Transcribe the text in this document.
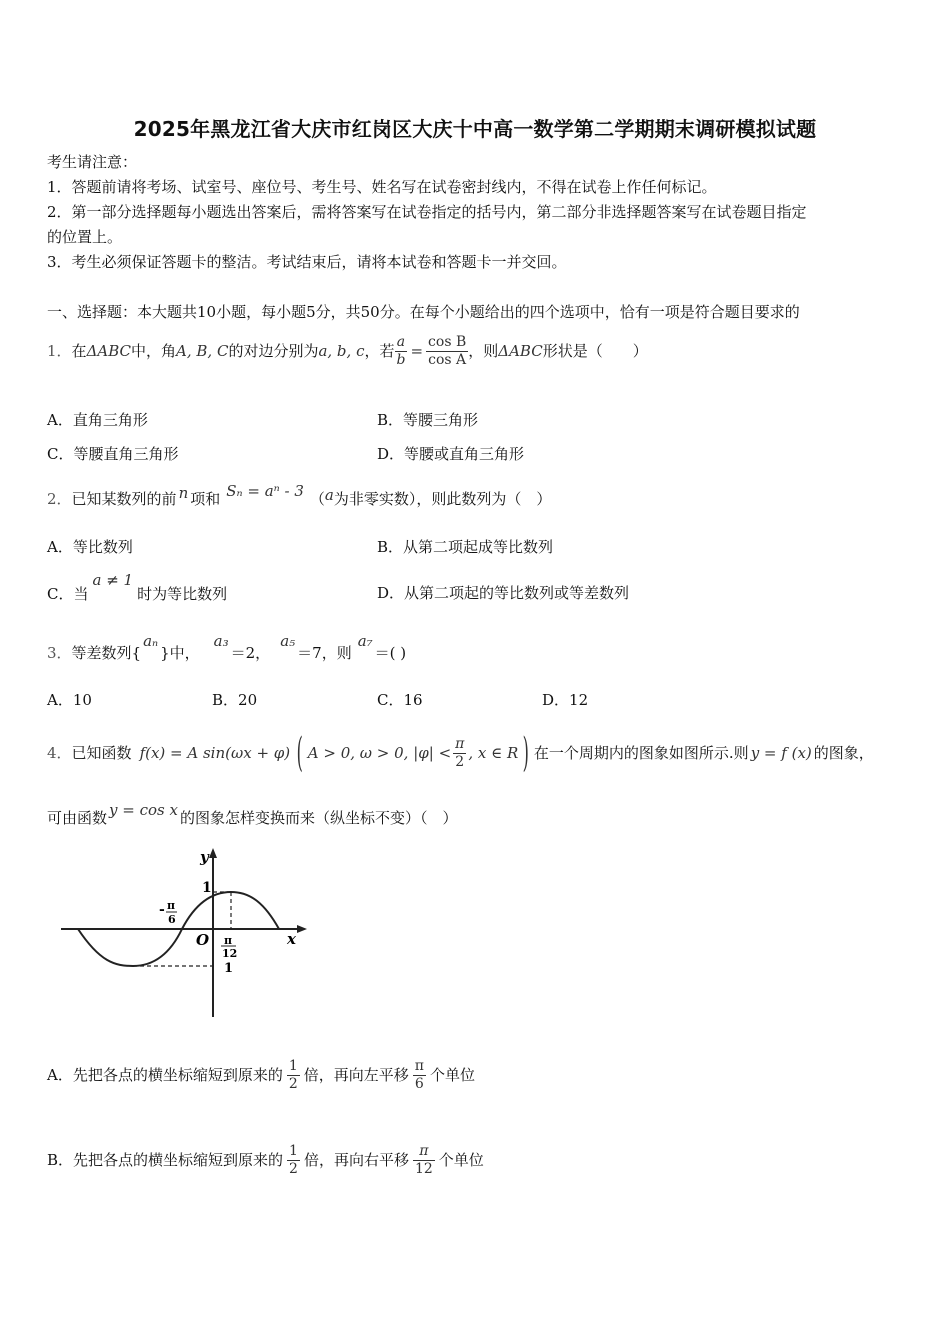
2025年黑龙江省大庆市红岗区大庆十中高一数学第二学期期末调研模拟试题
考生请注意：
1．答题前请将考场、试室号、座位号、考生号、姓名写在试卷密封线内，不得在试卷上作任何标记。
2．第一部分选择题每小题选出答案后，需将答案写在试卷指定的括号内，第二部分非选择题答案写在试卷题目指定
的位置上。
3．考生必须保证答题卡的整洁。考试结束后，请将本试卷和答题卡一并交回。
一、选择题：本大题共10小题，每小题5分，共50分。在每个小题给出的四个选项中，恰有一项是符合题目要求的
1． 在 ΔABC 中，角 A, B, C 的对边分别为 a, b, c ，若 $\frac{a}{b} = \frac{\text{cos B}}{\text{cos A}}$ ，则 ΔABC 形状是（　　）
A．直角三角形	B．等腰三角形
C．等腰直角三角形	D．等腰或直角三角形
2． 已知某数列的前 n 项和 Sₙ = aⁿ - 3 （ a 为非零实数），则此数列为（　）
A．等比数列	B．从第二项起成等比数列
C．当
a ≠ 1
时为等比数列	D．从第二项起的等比数列或等差数列
3． 等差数列{
aₙ
}中，
a₃
＝2，
a₅
＝7，则
a₇
＝( )
A．10	B．20	C．16	D．12
4． 已知函数 f(x) = A sin(ωx + φ) ( A > 0, ω > 0, $|\varphi| < \frac{\pi}{2}$ , x ∈ R ) 在一个周期内的图象如图所示.则 y = f (x) 的图象，
可由函数 y = cos x 的图象怎样变换而来（纵坐标不变）（　）
y
x
O
1
- π
6
π
12
1
A．先把各点的横坐标缩短到原来的 $\frac{1}{2}$ 倍，再向左平移 $\frac{\pi}{6}$ 个单位
B．先把各点的横坐标缩短到原来的 $\frac{1}{2}$ 倍，再向右平移 $\frac{\pi}{12}$ 个单位
